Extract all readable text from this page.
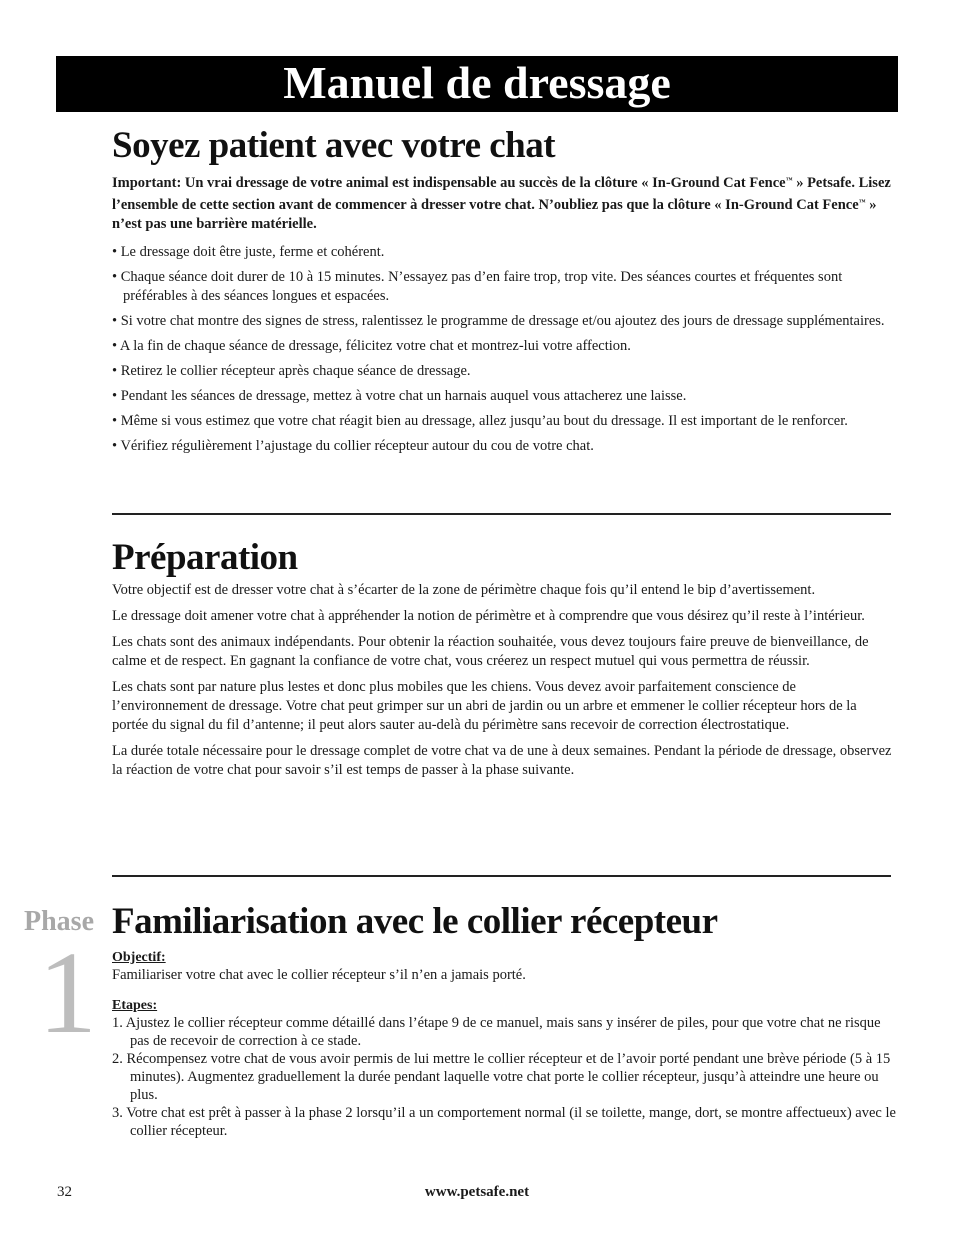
Manuel de dressage
Soyez patient avec votre chat

Important: Un vrai dressage de votre animal est indispensable au succès de la clôture « In-Ground Cat Fence™ » Petsafe. Lisez l’ensemble de cette section avant de commencer à dresser votre chat. N’oubliez pas que la clôture « In-Ground Cat Fence™ » n’est pas une barrière matérielle.

• Le dressage doit être juste, ferme et cohérent.
• Chaque séance doit durer de 10 à 15 minutes. N’essayez pas d’en faire trop, trop vite. Des séances courtes et fréquentes sont préférables à des séances longues et espacées.
• Si votre chat montre des signes de stress, ralentissez le programme de dressage et/ou ajoutez des jours de dressage supplémentaires.
• A la fin de chaque séance de dressage, félicitez votre chat et montrez-lui votre affection.
• Retirez le collier récepteur après chaque séance de dressage.
• Pendant les séances de dressage, mettez à votre chat un harnais auquel vous attacherez une laisse.
• Même si vous estimez que votre chat réagit bien au dressage, allez jusqu’au bout du dressage. Il est important de le renforcer.
• Vérifiez régulièrement l’ajustage du collier récepteur autour du cou de votre chat.
Préparation

Votre objectif est de dresser votre chat à s’écarter de la zone de périmètre chaque fois qu’il entend le bip d’avertissement.

Le dressage doit amener votre chat à appréhender la notion de périmètre et à comprendre que vous désirez qu’il reste à l’intérieur.

Les chats sont des animaux indépendants. Pour obtenir la réaction souhaitée, vous devez toujours faire preuve de bienveillance, de calme et de respect. En gagnant la confiance de votre chat, vous créerez un respect mutuel qui vous permettra de réussir.

Les chats sont par nature plus lestes et donc plus mobiles que les chiens. Vous devez avoir parfaitement conscience de l’environnement de dressage. Votre chat peut grimper sur un abri de jardin ou un arbre et emmener le collier récepteur hors de la portée du signal du fil d’antenne; il peut alors sauter au-delà du périmètre sans recevoir de correction électrostatique.

La durée totale nécessaire pour le dressage complet de votre chat va de une à deux semaines. Pendant la période de dressage, observez la réaction de votre chat pour savoir s’il est temps de passer à la phase suivante.

Phase
1
Familiarisation avec le collier récepteur
Objectif:

Familiariser votre chat avec le collier récepteur s’il n’en a jamais porté.

Etapes:
1. Ajustez le collier récepteur comme détaillé dans l’étape 9 de ce manuel, mais sans y insérer de piles, pour que votre chat ne risque pas de recevoir de correction à ce stade.
2. Récompensez votre chat de vous avoir permis de lui mettre le collier récepteur et de l’avoir porté pendant une brève période (5 à 15 minutes). Augmentez graduellement la durée pendant laquelle votre chat porte le collier récepteur, jusqu’à atteindre une heure ou plus.
3. Votre chat est prêt à passer à la phase 2 lorsqu’il a un comportement normal (il se toilette, mange, dort, se montre affectueux) avec le collier récepteur.
32	www.petsafe.net
